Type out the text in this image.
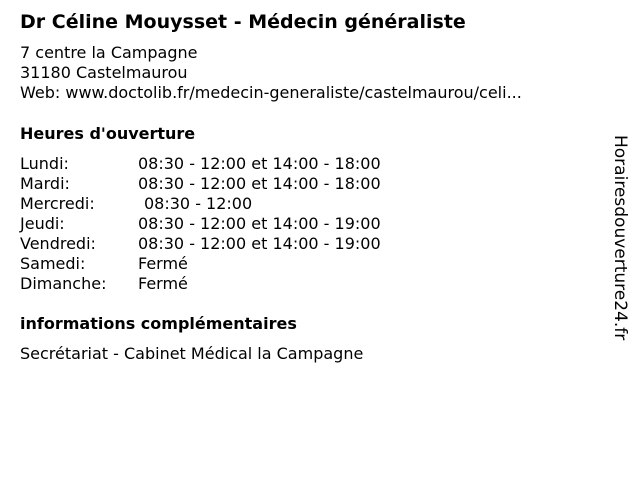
Dr Céline Mouysset - Médecin généraliste
7 centre la Campagne
31180 Castelmaurou
Web: www.doctolib.fr/medecin-generaliste/castelmaurou/celi...
Heures d'ouverture
Lundi:	08:30 - 12:00 et 14:00 - 18:00
Mardi:	08:30 - 12:00 et 14:00 - 18:00
Mercredi:	08:30 - 12:00
Jeudi:	08:30 - 12:00 et 14:00 - 19:00
Vendredi:	08:30 - 12:00 et 14:00 - 19:00
Samedi:	Fermé
Dimanche:	Fermé
informations complémentaires
Secrétariat - Cabinet Médical la Campagne
Horairesdouverture24.fr
